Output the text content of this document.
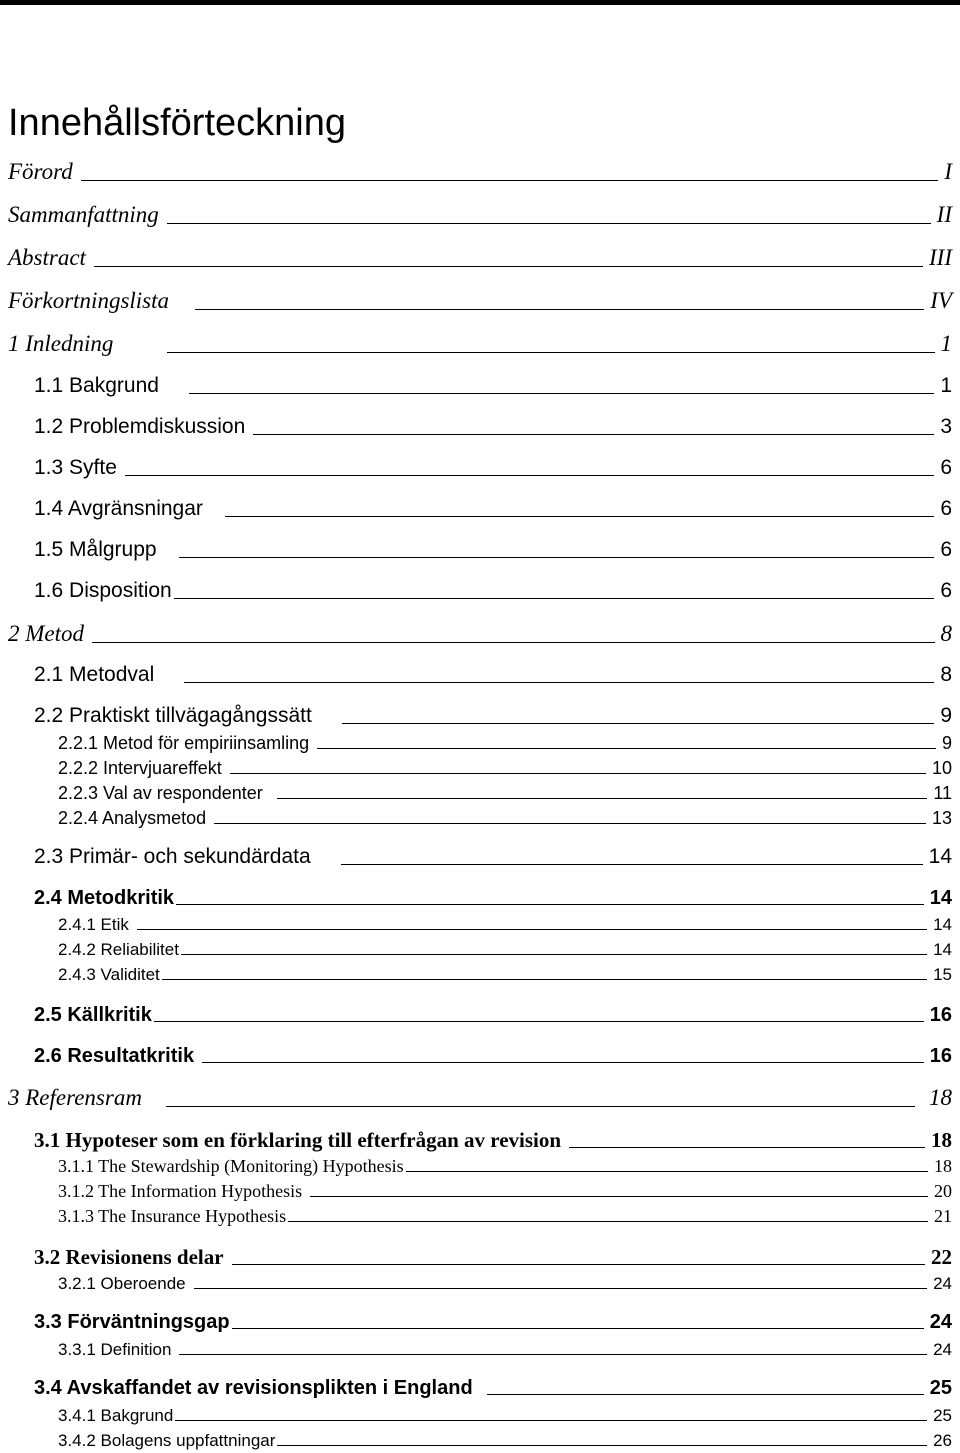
Innehållsförteckning
Förord	I
Sammanfattning	II
Abstract	III
Förkortningslista	IV
1 Inledning	1
1.1 Bakgrund	1
1.2 Problemdiskussion	3
1.3 Syfte	6
1.4 Avgränsningar	6
1.5 Målgrupp	6
1.6 Disposition	6
2 Metod	8
2.1 Metodval	8
2.2 Praktiskt tillvägagångssätt	9
2.2.1 Metod för empiriinsamling	9
2.2.2 Intervjuareffekt	10
2.2.3 Val av respondenter	11
2.2.4 Analysmetod	13
2.3 Primär- och sekundärdata	14
2.4 Metodkritik	14
2.4.1 Etik	14
2.4.2 Reliabilitet	14
2.4.3 Validitet	15
2.5 Källkritik	16
2.6 Resultatkritik	16
3 Referensram	18
3.1 Hypoteser som en förklaring till efterfrågan av revision	18
3.1.1 The Stewardship (Monitoring) Hypothesis	18
3.1.2 The Information Hypothesis	20
3.1.3 The Insurance Hypothesis	21
3.2 Revisionens delar	22
3.2.1 Oberoende	24
3.3 Förväntningsgap	24
3.3.1 Definition	24
3.4 Avskaffandet av revisionsplikten i England	25
3.4.1 Bakgrund	25
3.4.2 Bolagens uppfattningar	26
